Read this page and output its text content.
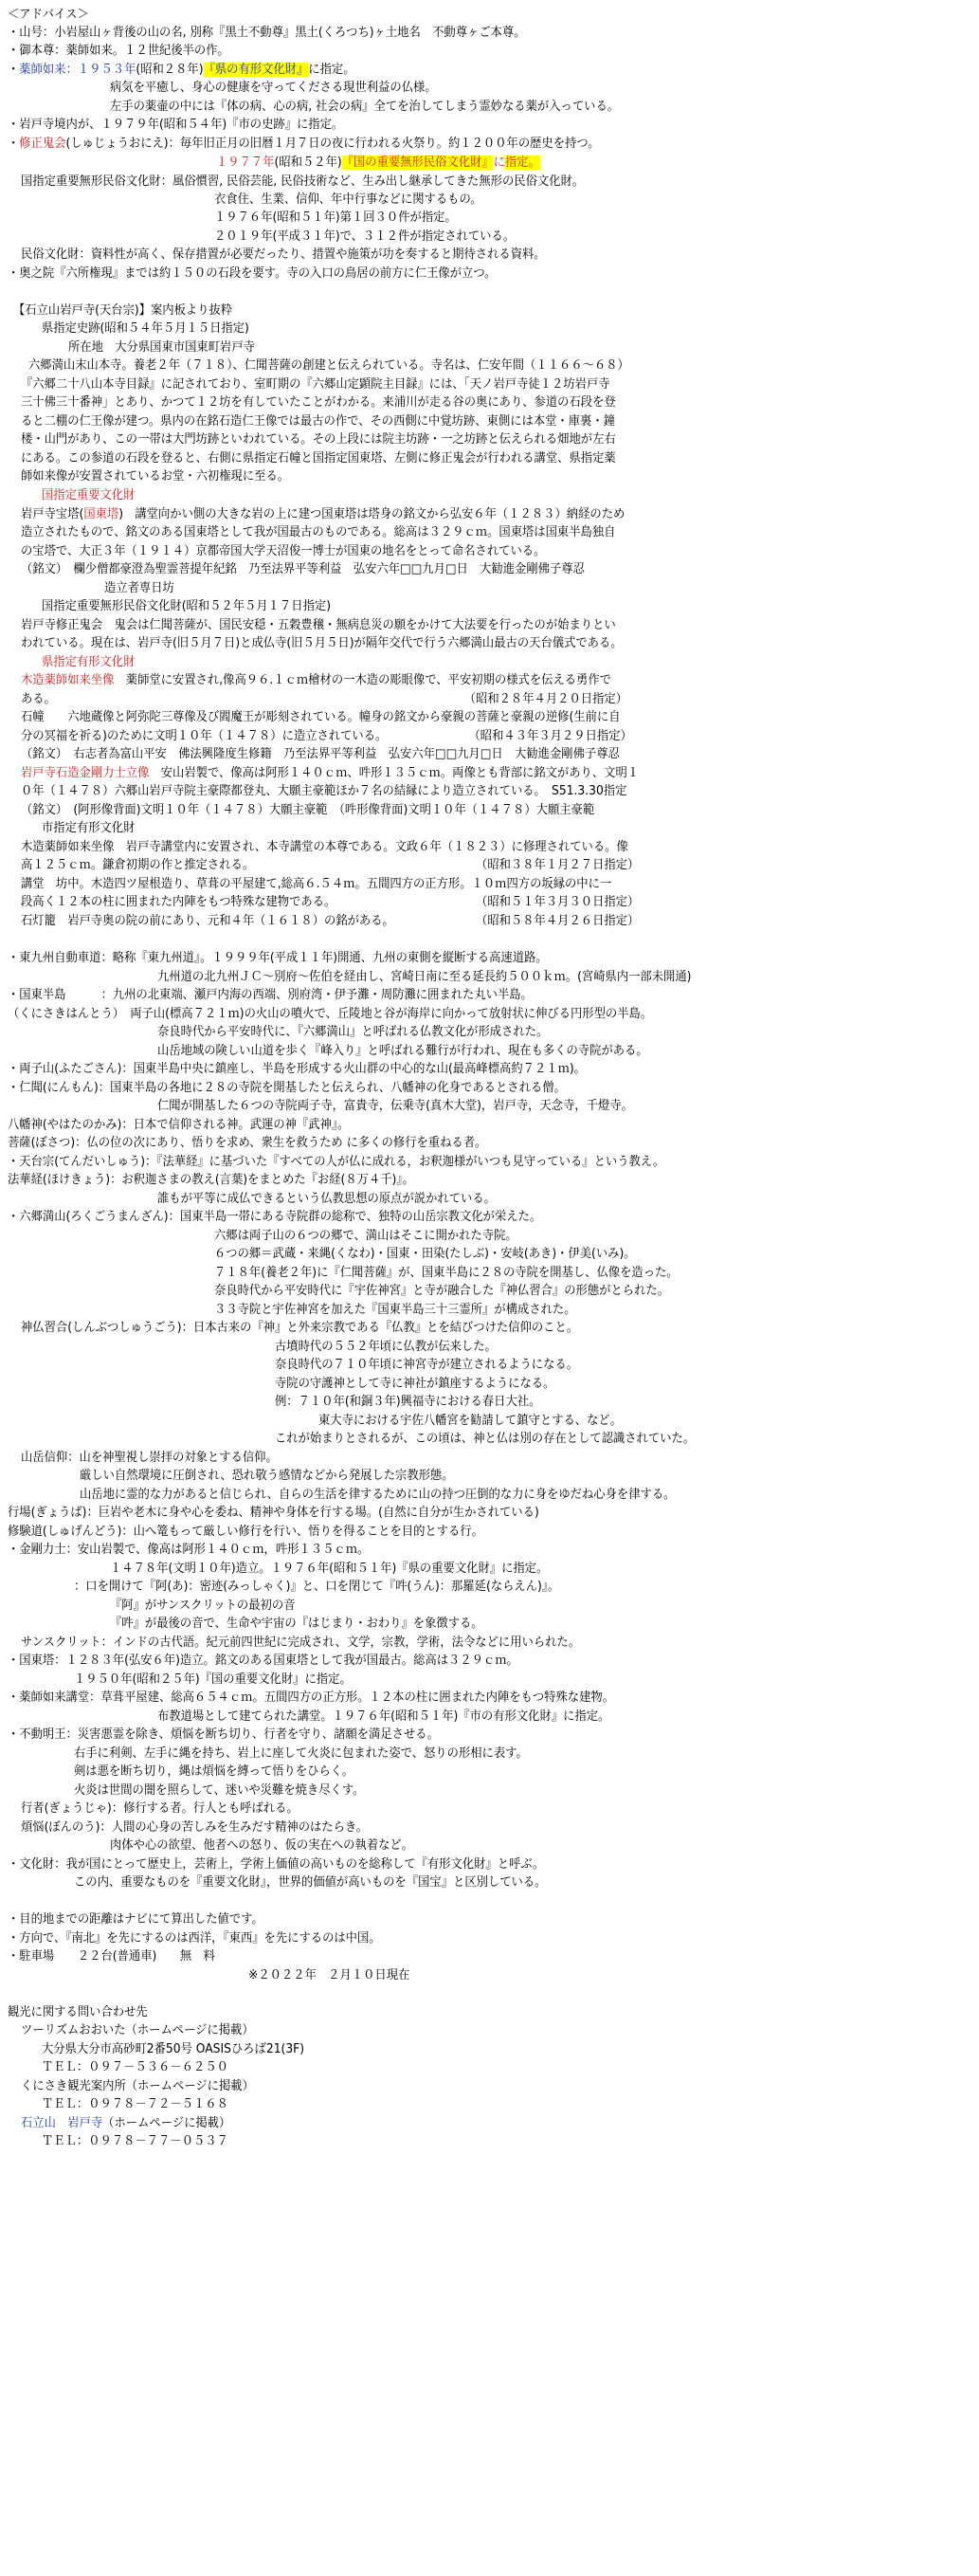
＜アドバイス＞
・山号：小岩屋山ヶ背後の山の名, 別称『黒土不動尊』黒土(くろつち)ヶ土地名　不動尊ヶご本尊。
・御本尊：薬師如来。１２世紀後半の作。
・薬師如来：１９５３年(昭和２８年)『県の有形文化財』に指定。
病気を平癒し、身心の健康を守ってくださる現世利益の仏様。
左手の薬壷の中には『体の病、心の病, 社会の病』全てを治してしまう霊妙なる薬が入っている。
・岩戸寺境内が、１９７９年(昭和５４年)『市の史跡』に指定。
・修正鬼会(しゅじょうおにえ)：毎年旧正月の旧暦１月７日の夜に行われる火祭り。約１２００年の歴史を持つ。
１９７７年(昭和５２年)『国の重要無形民俗文化財』に指定。
国指定重要無形民俗文化財：風俗慣習, 民俗芸能, 民俗技術など、生み出し継承してきた無形の民俗文化財。
衣食住、生業、信仰、年中行事などに関するもの。
１９７６年(昭和５１年)第１回３０件が指定。
２０１９年(平成３１年)で、３１２件が指定されている。
民俗文化財：資料性が高く、保存措置が必要だったり、措置や施策が功を奏すると期待される資料。
・奥之院『六所権現』までは約１５０の石段を要す。寺の入口の鳥居の前方に仁王像が立つ。
【石立山岩戸寺(天台宗)】案内板より抜粋
県指定史跡(昭和５４年５月１５日指定)
所在地　大分県国東市国東町岩戸寺
六郷満山末山本寺。養老２年（７１８）、仁聞菩薩の創建と伝えられている。寺名は、仁安年間（１１６６～６８）
『六郷二十八山本寺目録』に記されており、室町期の『六郷山定顕院主目録』には、「天ノ岩戸寺徒１２坊岩戸寺
三十佛三十番神」とあり、かつて１２坊を有していたことがわかる。来浦川が走る谷の奥にあり、参道の石段を登
ると二棚の仁王像が建つ。県内の在銘石造仁王像では最古の作で、その西側に中覚坊跡、東側には本堂・庫裏・鐘
楼・山門があり、この一帯は大門坊跡といわれている。その上段には院主坊跡・一之坊跡と伝えられる畑地が左右
にある。この参道の石段を登ると、右側に県指定石幢と国指定国東塔、左側に修正鬼会が行われる講堂、県指定薬
師如来像が安置されているお堂・六初権現に至る。
国指定重要文化財
岩戸寺宝塔(国東塔)　講堂向かい側の大きな岩の上に建つ国東塔は塔身の銘文から弘安６年（１２８３）納経のため
造立されたもので、銘文のある国東塔として我が国最古のものである。総高は３２９ｃｍ。国東塔は国東半島独自
の宝塔で、大正３年（１９１４）京都帝国大学天沼俊一博士が国東の地名をとって命名されている。
（銘文）　欄少僧都豪澄為聖霊菩提年紀銘　乃至法界平等利益　弘安六年□□九月□日　大勧進金剛佛子尊忍
造立者専日坊
国指定重要無形民俗文化財(昭和５２年５月１７日指定)
岩戸寺修正鬼会　鬼会は仁聞菩薩が、国民安穏・五穀豊穣・無病息災の願をかけて大法要を行ったのが始まりとい
われている。現在は、岩戸寺(旧５月７日)と成仏寺(旧５月５日)が隔年交代で行う六郷満山最古の天台儀式である。
県指定有形文化財
木造薬師如来坐像　薬師堂に安置され,像高９６.１ｃｍ檜材の一木造の彫眼像で、平安初期の様式を伝える勇作で
ある。　　　　　　　　　　　　　　　　　　　　　　　　　　　　　　　　　　　　（昭和２８年４月２０日指定）
石幢　　六地蔵像と阿弥陀三尊像及び閻魔王が彫刻されている。幢身の銘文から豪親の菩薩と豪親の逆修(生前に自
分の冥福を祈る)のために文明１０年（１４７８）に造立されている。　　　　　　　　（昭和４３年３月２９日指定）
（銘文）　右志者為富山平安　佛法興隆度生修籍　乃至法界平等利益　弘安六年□□九月□日　大勧進金剛佛子尊忍
岩戸寺石造金剛力士立像　安山岩製で、像高は阿形１４０ｃｍ、吽形１３５ｃｍ。両像とも背部に銘文があり、文明１
０年（１４７８）六郷山岩戸寺院主豪際都登丸、大願主豪範ほか７名の結縁により造立されている。　S51.3.30指定
（銘文）　(阿形像背面)文明１０年（１４７８）大願主豪範　（吽形像背面)文明１０年（１４７８）大願主豪範
市指定有形文化財
木造薬師如来坐像　岩戸寺講堂内に安置され、本寺講堂の本尊である。文政６年（１８２３）に修理されている。像
高１２５ｃｍ。鎌倉初期の作と推定される。　　　　　　　　　　　　　　　　　　　　（昭和３８年１月２７日指定）
講堂　坊中。木造四ツ屋根造り、草葺の平屋建て,総高６.５４ｍ。五間四方の正方形。１０ｍ四方の坂縁の中に一
段高く１２本の柱に囲まれた内陣をもつ特殊な建物である。　　　　　　　　　　　　　（昭和５１年３月３０日指定）
石灯籠　岩戸寺奥の院の前にあり、元和４年（１６１８）の銘がある。　　　　　　　　（昭和５８年４月２６日指定）
・東九州自動車道：略称『東九州道』。１９９９年(平成１１年)開通、九州の東側を縦断する高速道路。
九州道の北九州ＪＣ～別府～佐伯を経由し、宮崎日南に至る延長約５００ｋｍ。(宮崎県内一部未開通)
・国東半島　　　：九州の北東端、瀬戸内海の西端、別府湾・伊予灘・周防灘に囲まれた丸い半島。
（くにさきはんとう）　両子山(標高７２１ｍ)の火山の噴火で、丘陵地と谷が海岸に向かって放射状に伸びる円形型の半島。
奈良時代から平安時代に、『六郷満山』と呼ばれる仏教文化が形成された。
山岳地域の険しい山道を歩く『峰入り』と呼ばれる難行が行われ、現在も多くの寺院がある。
・両子山(ふたごさん)：国東半島中央に鎮座し、半島を形成する火山群の中心的な山(最高峰標高約７２１ｍ)。
・仁聞(にんもん)：国東半島の各地に２８の寺院を開基したと伝えられ、八幡神の化身であるとされる僧。
仁聞が開基した６つの寺院両子寺，富貴寺，伝乗寺(真木大堂)，岩戸寺，天念寺，千燈寺。
八幡神(やはたのかみ)：日本で信仰される神。武運の神『武神』。
菩薩(ぼさつ)：仏の位の次にあり、悟りを求め、衆生を救うため に多くの修行を重ねる者。
・天台宗(てんだいしゅう)：『法華経』に基づいた『すべての人が仏に成れる，お釈迦様がいつも見守っている』という教え。
法華経(ほけきょう)：お釈迦さまの教え(言葉)をまとめた『お経(８万４千)』。
誰もが平等に成仏できるという仏教思想の原点が説かれている。
・六郷満山(ろくごうまんざん)：国東半島一帯にある寺院群の総称で、独特の山岳宗教文化が栄えた。
六郷は両子山の６つの郷で、満山はそこに開かれた寺院。
６つの郷＝武蔵・来縄(くなわ)・国東・田染(たしぶ)・安岐(あき)・伊美(いみ)。
７１８年(養老２年)に『仁聞菩薩』が、国東半島に２８の寺院を開基し、仏像を造った。
奈良時代から平安時代に『宇佐神宮』と寺が融合した『神仏習合』の形態がとられた。
３３寺院と宇佐神宮を加えた『国東半島三十三霊所』が構成された。
神仏習合(しんぶつしゅうごう)：日本古来の『神』と外来宗教である『仏教』とを結びつけた信仰のこと。
古墳時代の５５２年頃に仏教が伝来した。
奈良時代の７１０年頃に神宮寺が建立されるようになる。
寺院の守護神として寺に神社が鎮座するようになる。
例：７１０年(和銅３年)興福寺における春日大社。
東大寺における宇佐八幡宮を勧請して鎮守とする、など。
これが始まりとされるが、この頃は、神と仏は別の存在として認識されていた。
山岳信仰：山を神聖視し崇拝の対象とする信仰。
厳しい自然環境に圧倒され、恐れ敬う感情などから発展した宗教形態。
山岳地に霊的な力があると信じられ、自らの生活を律するために山の持つ圧倒的な力に身をゆだね心身を律する。
行場(ぎょうば)：巨岩や老木に身や心を委ね、精神や身体を行する場。(自然に自分が生かされている)
修験道(しゅげんどう)：山へ篭もって厳しい修行を行い、悟りを得ることを目的とする行。
・金剛力士：安山岩製で、像高は阿形１４０ｃｍ，吽形１３５ｃｍ。
１４７８年(文明１０年)造立。１９７６年(昭和５１年)『県の重要文化財』に指定。
：口を開けて『阿(あ)：密迹(みっしゃく)』と、口を閉じて『吽(うん)：那羅延(ならえん)』。
『阿』がサンスクリットの最初の音
『吽』が最後の音で、生命や宇宙の『はじまり・おわり』を象徴する。
サンスクリット：インドの古代語。紀元前四世紀に完成され、文学，宗教，学術，法令などに用いられた。
・国東塔：１２８３年(弘安６年)造立。銘文のある国東塔として我が国最古。総高は３２９ｃｍ。
１９５０年(昭和２５年)『国の重要文化財』に指定。
・薬師如来講堂：草葺平屋建、総高６５４ｃｍ。五間四方の正方形。１２本の柱に囲まれた内陣をもつ特殊な建物。
布教道場として建てられた講堂。１９７６年(昭和５１年)『市の有形文化財』に指定。
・不動明王：災害悪霊を除き、煩悩を断ち切り、行者を守り、諸願を満足させる。
右手に利剣、左手に縄を持ち、岩上に座して火炎に包まれた姿で、怒りの形相に表す。
剣は悪を断ち切り，縄は煩悩を縛って悟りをひらく。
火炎は世間の闇を照らして、迷いや災難を焼き尽くす。
行者(ぎょうじゃ)：修行する者。行人とも呼ばれる。
煩悩(ぼんのう)：人間の心身の苦しみを生みだす精神のはたらき。
肉体や心の欲望、他者への怒り、仮の実在への執着など。
・文化財：我が国にとって歴史上，芸術上，学術上価値の高いものを総称して『有形文化財』と呼ぶ。
この内、重要なものを『重要文化財』，世界的価値が高いものを『国宝』と区別している。
・目的地までの距離はナビにて算出した値です。
・方向で、『南北』を先にするのは西洋，『東西』を先にするのは中国。
・駐車場　　２２台(普通車)　　無　料
※２０２２年　２月１０日現在
観光に関する問い合わせ先
ツーリズムおおいた（ホームページに掲載）
大分県大分市高砂町2番50号 OASISひろば21(3F)
ＴＥＬ：０９７－５３６－６２５０
くにさき観光案内所（ホームページに掲載）
ＴＥＬ：０９７８－７２－５１６８
石立山　岩戸寺（ホームページに掲載）
ＴＥＬ：０９７８－７７－０５３７
